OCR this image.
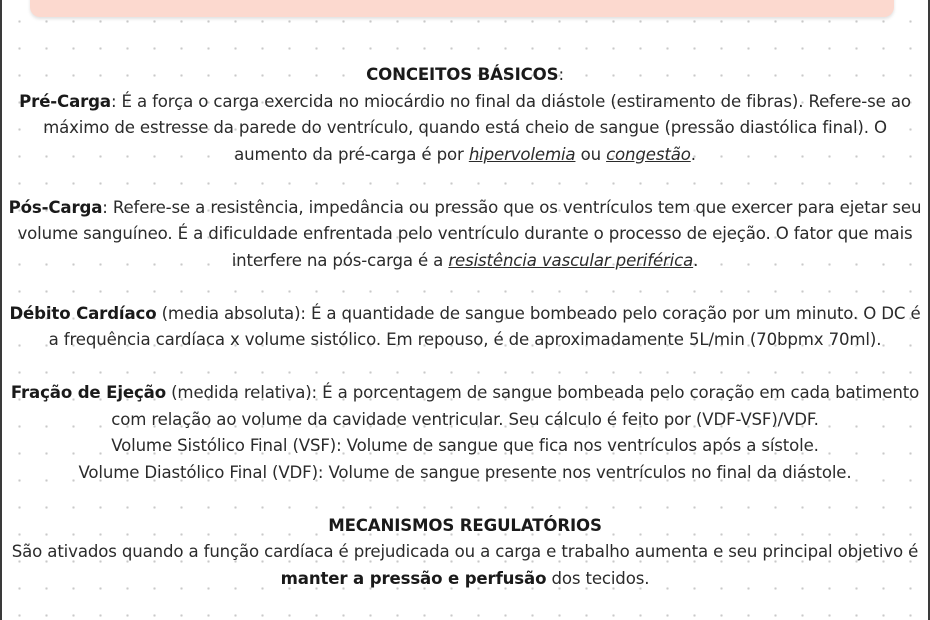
CONCEITOS BÁSICOS:

Pré-Carga: É a força o carga exercida no miocárdio no final da diástole (estiramento de fibras). Refere-se ao máximo de estresse da parede do ventrículo, quando está cheio de sangue (pressão diastólica final). O aumento da pré-carga é por hipervolemia ou congestão.

Pós-Carga: Refere-se a resistência, impedância ou pressão que os ventrículos tem que exercer para ejetar seu volume sanguíneo. É a dificuldade enfrentada pelo ventrículo durante o processo de ejeção. O fator que mais interfere na pós-carga é a resistência vascular periférica.

Débito Cardíaco (media absoluta): É a quantidade de sangue bombeado pelo coração por um minuto. O DC é a frequência cardíaca x volume sistólico. Em repouso, é de aproximadamente 5L/min (70bpmx 70ml).

Fração de Ejeção (medida relativa): É a porcentagem de sangue bombeada pelo coração em cada batimento com relação ao volume da cavidade ventricular. Seu cálculo é feito por (VDF-VSF)/VDF.

Volume Sistólico Final (VSF): Volume de sangue que fica nos ventrículos após a sístole.

Volume Diastólico Final (VDF): Volume de sangue presente nos ventrículos no final da diástole.

MECANISMOS REGULATÓRIOS

São ativados quando a função cardíaca é prejudicada ou a carga e trabalho aumenta e seu principal objetivo é manter a pressão e perfusão dos tecidos.
